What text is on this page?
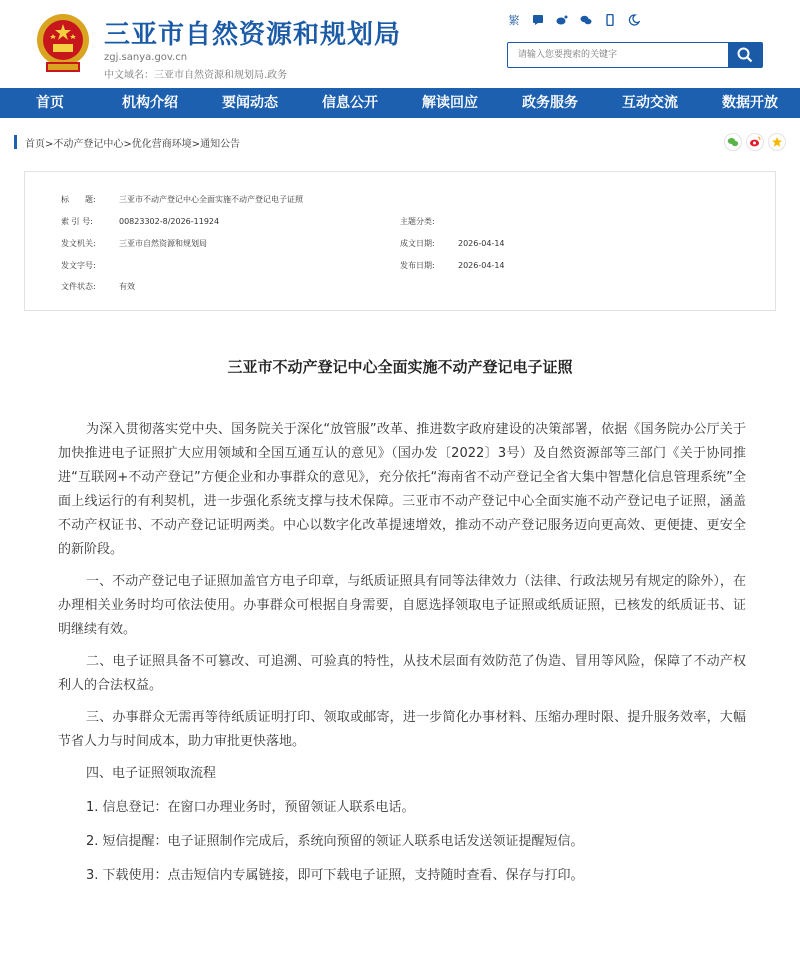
三亚市自然资源和规划局
zgj.sanya.gov.cn
中文域名：三亚市自然资源和规划局.政务
繁
请输入您要搜索的关键字
首页	机构介绍	要闻动态	信息公开	解读回应	政务服务	互动交流	数据开放
首页>不动产登记中心>优化营商环境>通知公告
标　　题:	三亚市不动产登记中心全面实施不动产登记电子证照
索 引 号:	00823302-8/2026-11924	主题分类:
发文机关:	三亚市自然资源和规划局	成文日期:	2026-04-14
发文字号:	发布日期:	2026-04-14
文件状态:	有效
三亚市不动产登记中心全面实施不动产登记电子证照

为深入贯彻落实党中央、国务院关于深化“放管服”改革、推进数字政府建设的决策部署，依据《国务院办公厅关于加快推进电子证照扩大应用领域和全国互通互认的意见》（国办发〔2022〕3号）及自然资源部等三部门《关于协同推进“互联网+不动产登记”方便企业和办事群众的意见》，充分依托“海南省不动产登记全省大集中智慧化信息管理系统”全面上线运行的有利契机，进一步强化系统支撑与技术保障。三亚市不动产登记中心全面实施不动产登记电子证照，涵盖不动产权证书、不动产登记证明两类。中心以数字化改革提速增效，推动不动产登记服务迈向更高效、更便捷、更安全的新阶段。

一、不动产登记电子证照加盖官方电子印章，与纸质证照具有同等法律效力（法律、行政法规另有规定的除外），在办理相关业务时均可依法使用。办事群众可根据自身需要，自愿选择领取电子证照或纸质证照，已核发的纸质证书、证明继续有效。

二、电子证照具备不可篡改、可追溯、可验真的特性，从技术层面有效防范了伪造、冒用等风险，保障了不动产权利人的合法权益。

三、办事群众无需再等待纸质证明打印、领取或邮寄，进一步简化办事材料、压缩办理时限、提升服务效率，大幅节省人力与时间成本，助力审批更快落地。

四、电子证照领取流程

1. 信息登记：在窗口办理业务时，预留领证人联系电话。

2. 短信提醒：电子证照制作完成后，系统向预留的领证人联系电话发送领证提醒短信。

3. 下载使用：点击短信内专属链接，即可下载电子证照，支持随时查看、保存与打印。
